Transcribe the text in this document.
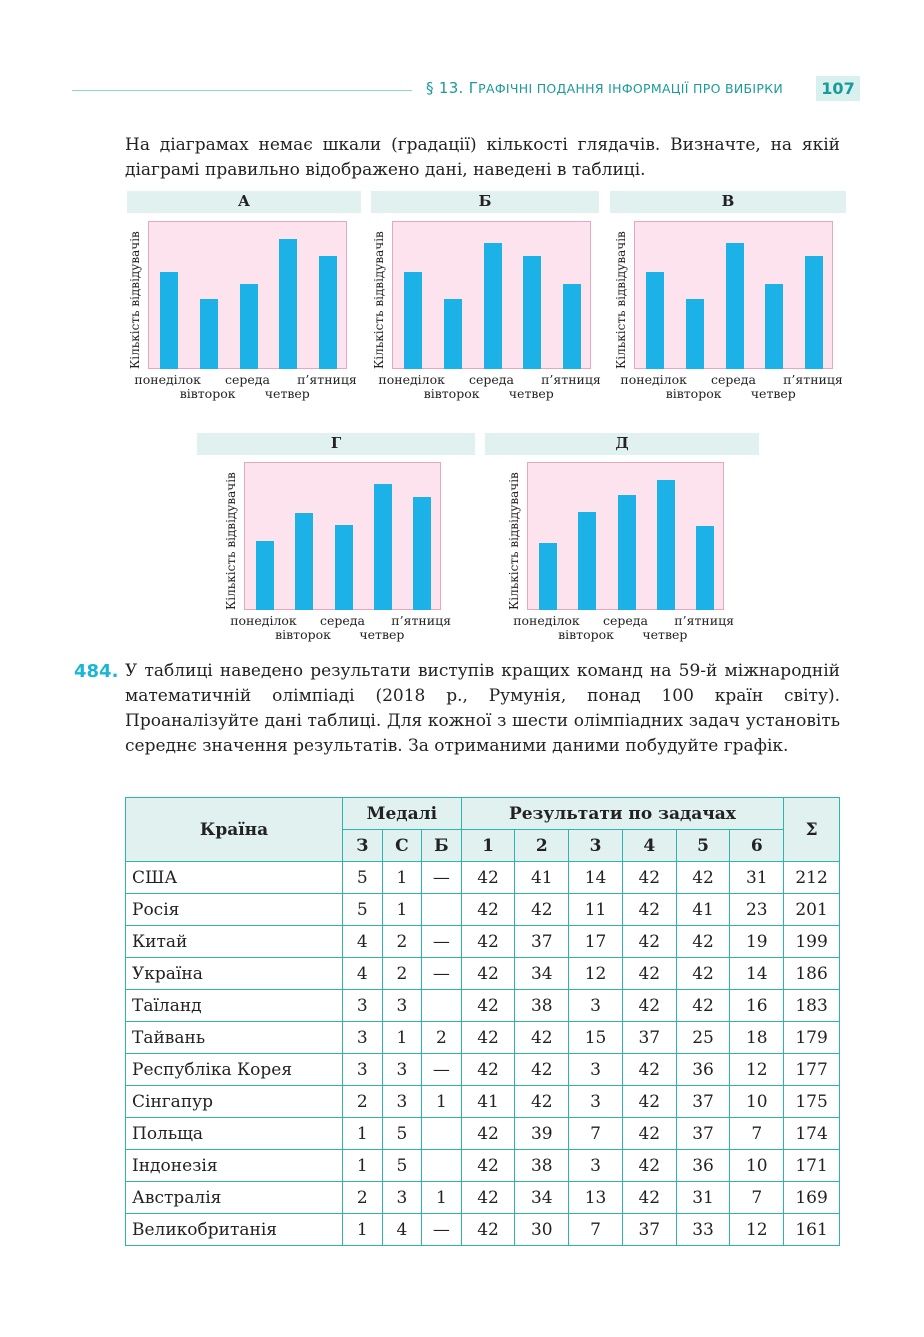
§ 13. ГРАФІЧНІ ПОДАННЯ ІНФОРМАЦІЇ ПРО ВИБІРКИ	107

На діаграмах немає шкали (градації) кількості глядачів. Визначте, на якій діаграмі правильно відображено дані, наведені в таблиці.

А
Кількість відвідувачів
понеділок
вівторок
середа
четвер
п’ятниця
Б
Кількість відвідувачів
понеділок
вівторок
середа
четвер
п’ятниця
В
Кількість відвідувачів
понеділок
вівторок
середа
четвер
п’ятниця
Г
Кількість відвідувачів
понеділок
вівторок
середа
четвер
п’ятниця
Д
Кількість відвідувачів
понеділок
вівторок
середа
четвер
п’ятниця
484. У таблиці наведено результати виступів кращих команд на 59-й міжнародній математичній олімпіаді (2018 р., Румунія, понад 100 країн світу). Проаналізуйте дані таблиці. Для кожної з шести олімпіадних задач установіть середнє значення результатів. За отриманими даними побудуйте графік.

Країна	Медалі			Результати по задачах						Σ
	З	С	Б	1	2	3	4	5	6	
США	5	1	—	42	41	14	42	42	31	212
Росія	5	1		42	42	11	42	41	23	201
Китай	4	2	—	42	37	17	42	42	19	199
Україна	4	2	—	42	34	12	42	42	14	186
Таїланд	3	3		42	38	3	42	42	16	183
Тайвань	3	1	2	42	42	15	37	25	18	179
Республіка Корея	3	3	—	42	42	3	42	36	12	177
Сінгапур	2	3	1	41	42	3	42	37	10	175
Польща	1	5		42	39	7	42	37	7	174
Індонезія	1	5		42	38	3	42	36	10	171
Австралія	2	3	1	42	34	13	42	31	7	169
Великобританія	1	4	—	42	30	7	37	33	12	161
